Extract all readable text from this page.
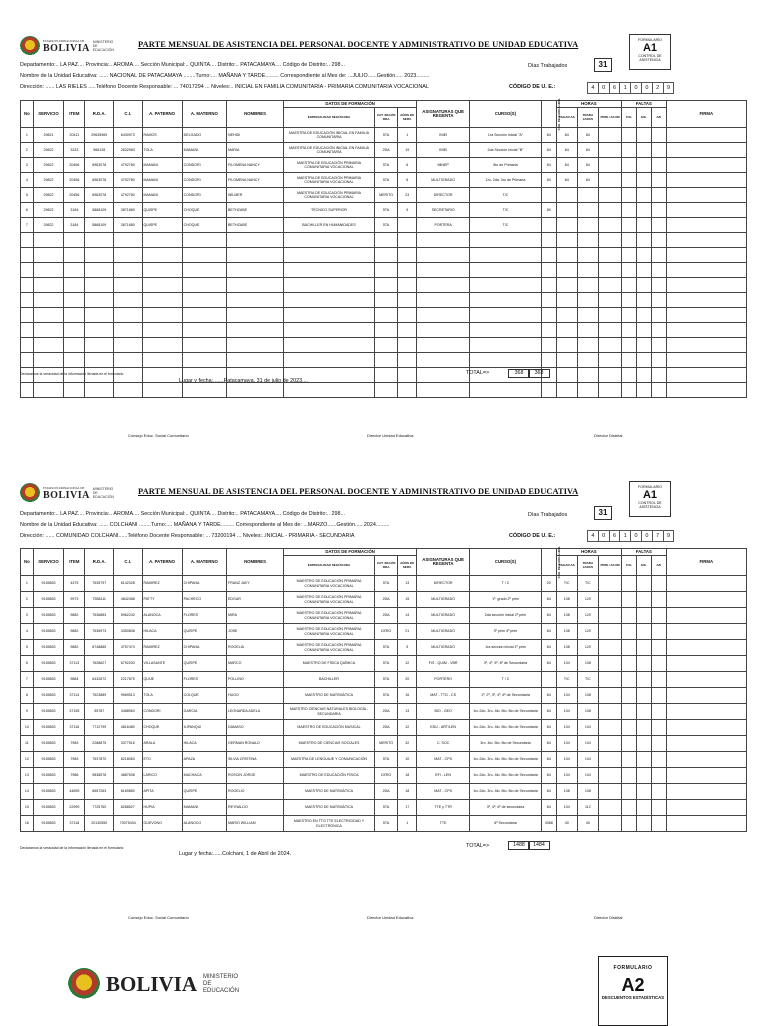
ESTADO PLURINACIONAL DE
BOLIVIA
MINISTERIO DE EDUCACIÓN
PARTE MENSUAL DE ASISTENCIA DEL PERSONAL DOCENTE Y ADMINISTRATIVO DE UNIDAD EDUCATIVA	FORMULARIO
A1
CONTROL DE ASISTENCIA
Departamento:.. LA PAZ.... Provincia:.. AROMA.... Sección Municipal:.. QUINTA.... Distrito:.. PATACAMAYA.... Código de Distrito:.. 298...
Nombre de la Unidad Educativa: ...... NACIONAL DE PATACAMAYA ........Turno:.... MAÑANA Y TARDE......... Correspondiente al Mes de: ...JULIO......Gestión..... 2023.........
Dirección: ...... LAS RIELES .....Teléfono Docente Responsable: ... 74017294 ... Niveles:.. INICIAL EN FAMILIA COMUNITARIA - PRIMARIA COMUNITARIA VOCACIONAL
Días Trabajados	31
CÓDIGO DE U. E.:	4	0	6	1	0	0	2	9
No	SERVICIO	ITEM	R.D.A.	C.I.	A. PATERNO	A. MATERNO	NOMBRES	DATOS DE FORMACIÓN			ASIGNATURAS QUE REGENTA	CURSO(S)	CAR. DE CARGA HOR.	HORAS			FALTAS			FIRMA
								ESPECIALIDAD SEGÚN RDA	CAT. SEGÚN RDA	AÑOS DE SERV.				PAGAD AS	TRABA JADAS	PRIN / ACUM	C/G.	S/G.	AB	
1	29821	20411	29635969	6430973	RAMOS	DELGADO	NEHIDI	MAESTRA DE EDUCACIÓN INICIAL EN FAMILIA COMUNITARIA	5TA	1	INIEI	1ra Sección Inicial "A"	84	84	84					
2	29822	3333	566128	2632983	TOLA	MAMANI	MARIA	MAESTRA DE EDUCACIÓN INICIAL EN FAMILIA COMUNITARIA	2DA	19	INIEI	2da Sección Inicial "B"	84	84	84					
3	29822	20456	6963078	4792780	MAMANI	CONDORI	FILOMENA NANCY	MAESTRA DE EDUCACIÓN PRIMARIA COMUNITARIA VOCACIONAL	5TA	6	MINEP	5to de Primaria	84	84	84					
4	29822	20456	6963078	4792780	MAMANI	CONDORI	FILOMENA NANCY	MAESTRA DE EDUCACIÓN PRIMARIA COMUNITARIA VOCACIONAL	5TA	6	MULTIGRADO	1ro. 2da. 3ro de Primaria	84	84	84					
5	29822	20456	6963078	4792780	MAMANI	CONDORI	WILMER	MAESTRA DE EDUCACIÓN PRIMARIA COMUNITARIA VOCACIONAL	MERITO	23	DIRECTOR	T/C								
6	29822	3184	5868109	3871680	QUISPE	CHOQUE	BETHZABE	TÉCNICO SUPERIOR	5TA	5	SECRETARIO	T/C	80							
7	29822	3184	5868109	3871680	QUISPE	CHOQUE	BETHZABE	BACHILLER EN HUMANIDADES	5TA		PORTERA	T/C								

Declaramos la veracidad de la información llenada en el formulario	TOTAL=>	368	368
Lugar y fecha:.......Patacamaya, 31 de julio de 2023....
Consejo Educ. Social Comunitario	Director Unidad Educativa	Director Distrital
ESTADO PLURINACIONAL DE
BOLIVIA
MINISTERIO DE EDUCACIÓN
PARTE MENSUAL DE ASISTENCIA DEL PERSONAL DOCENTE Y ADMINISTRATIVO DE UNIDAD EDUCATIVA	FORMULARIO
A1
CONTROL DE ASISTENCIA
Departamento:.. LA PAZ.... Provincia:.. AROMA.... Sección Municipal:.. QUINTA.... Distrito:.. PATACAMAYA.... Código de Distrito:.. 298...
Nombre de la Unidad Educativa: ...... COLCHANI ........Turno:.... MAÑANA Y TARDE......... Correspondiente al Mes de: ...MARZO......Gestión..... 2024.........
Dirección: ...... COMUNIDAD COLCHANI......Teléfono Docente Responsable: ... 73200194 ... Niveles:..INICIAL - PRIMARIA - SECUNDARIA
Días Trabajados	31
CÓDIGO DE U. E.:	4	0	6	1	0	0	7	9
No	SERVICIO	ITEM	R.D.A.	C.I.	A. PATERNO	A. MATERNO	NOMBRES	DATOS DE FORMACIÓN			ASIGNATURAS QUE REGENTA	CURSO(S)	CAR. DE CARGA HOR.	HORAS			FALTAS			FIRMA
								ESPECIALIDAD SEGÚN RDA	CAT. SEGÚN RDA	AÑOS DE SERV.				PAGAD AS	TRABA JADAS	PRIN / ACUM	C/G.	S/G.	AB	
1	9135653	4475	7535797	6142328	RAMIREZ	CHIPANA	FRANZ JAVY	MAESTRO DE EDUCACIÓN PRIMARIA COMUNITARIA VOCACIONAL	5TA	13	DIRECTOR	T / C	20	T/C	T/C					
2	9135653	9973	7558111	4842458	PATTY	PACHECO	EDGAR	MAESTRO DE EDUCACIÓN PRIMARIA COMUNITARIA VOCACIONAL	2DA	15	MULTIGRADO	1º. grado 2º prim	84	108	120					
3	9135653	9882	7536883	5962242	ALANOCA	FLORES	MIRA	MAESTRO DE EDUCACIÓN PRIMARIA COMUNITARIA VOCACIONAL	2DA	14	MULTIGRADO	2da sección inicial 2º prim	84	108	120					
4	9135653	9882	7536973	4350838	HILACA	QUISPE	JOSE	MAESTRO DE EDUCACIÓN PRIMARIA COMUNITARIA VOCACIONAL	CERO	21	MULTIGRADO	3º prim 4º prim	84	108	120					
5	9135653	9882	8748885	4757474	RAMIREZ	CHIPANA	ROGELIA	MAESTRO DE EDUCACIÓN PRIMARIA COMUNITARIA VOCACIONAL	5TA	5	MULTIGRADO	1ra seccion inicial 1º prim	84	108	120					
6	9135653	37113	7628627	6792200	VILLASANTE	QUISPE	MARCO	MAESTRO DE FÍSICA QUÍMICA	5TA	12	FIS - QUIM - VBR	3º, 4º, 5º, 6º de Secundaria	84	104	108					
7	9135653	9884	6432672	2217875	QUIJE	FLORES	POLLINO	BACHILLER	5TA	20	PORTERO	T / C		T/C	T/C					
8	9135653	37114	7523889	9969513	TOLA	COLQUE	HUGO	MAESTRO DE MATEMÁTICA	5TA	16	MAT - TTG - CS	1º, 2º, 3º, 4º, 6º de Secundaria	84	104	108					
9	9135653	37155	55787	3488963	CONDORI	GARCIA	LEONARDA ADELA	MAESTRO CIENCIAS NATURALES BIOLOGÍA - SECUNDARIA	2DA	13	BIO - GEO	1ro 2do. 3ro. 4to. 5to. 6to de Secundaria	84	104	108					
10	9135653	37116	7712799	4816480	CHOQUE	ILIPANQUI	DAMASO	MAESTRO DE EDUCACIÓN MUSICAL	2DA	12	EDU - ART/LEN	1ro 2do. 3ro. 4to. 5to. 6to de Secundaria	84	104	104					
11	9135653	7983	2288875	3377516	ARALA	HILACA	GERMAN RONALD	MAESTRO DE CIENCIAS SOCIALES	MERITO	32	C. SOC	3ro. 4to. 5to. 6to de Secundaria	84	104	104					
12	9135653	7983	7537870	6218063	ETO	APAZA	SILVIA CRISTINA	MAESTRA DE LENGUAJE Y COMUNICACIÓN	5TA	10	MAT - CPS	1ro 2do. 3ro. 4to. 5to. 6to de Secundaria	84	104	104					
13	9135653	7986	9838578	4887638	LARICO	MACHACA	ROSCIN JORGE	MAESTRO DE EDUCACIÓN FÍSICA	CERO	18	EFI - LEN	1ro 2do. 3ro. 4to. 5to. 6to de Secundaria	84	104	104					
14	9135653	44895	6557263	6169850	APITA	QUISPE	ROGELIO	MAESTRO DE MATEMÁTICA	2DA	18	MAT - CPS	1ro 2do. 3ro. 4to. 5to. 6to de Secundaria	84	108	108					
15	9135653	22999	7725760	8288527	HUPIA	MAMANI	REYNALDO	MAESTRO DE MATEMÁTICA	5TA	17	TTE y TTR	3º, 4º, 6º de secundaria	84	104	112					
16	9135653	37118	20130550	70075434	GUEVONO	ALANOCO	MARIO WILLIAM	MAESTRO EN TTG TTE ELECTRICIDAD Y ELECTRÓNICA	5TA	1	TTE	6º Secundaria	4368	40	40					
Declaramos la veracidad de la información llenada en el formulario	TOTAL=>	1488	1484
Lugar y fecha:......Colchani, 1 de Abril de 2024.
Consejo Educ. Social Comunitario	Director Unidad Educativa	Director Distrital
BOLIVIA MINISTERIO DE EDUCACIÓN
FORMULARIO
A2
DESCUENTOS ESTADÍSTICAS
